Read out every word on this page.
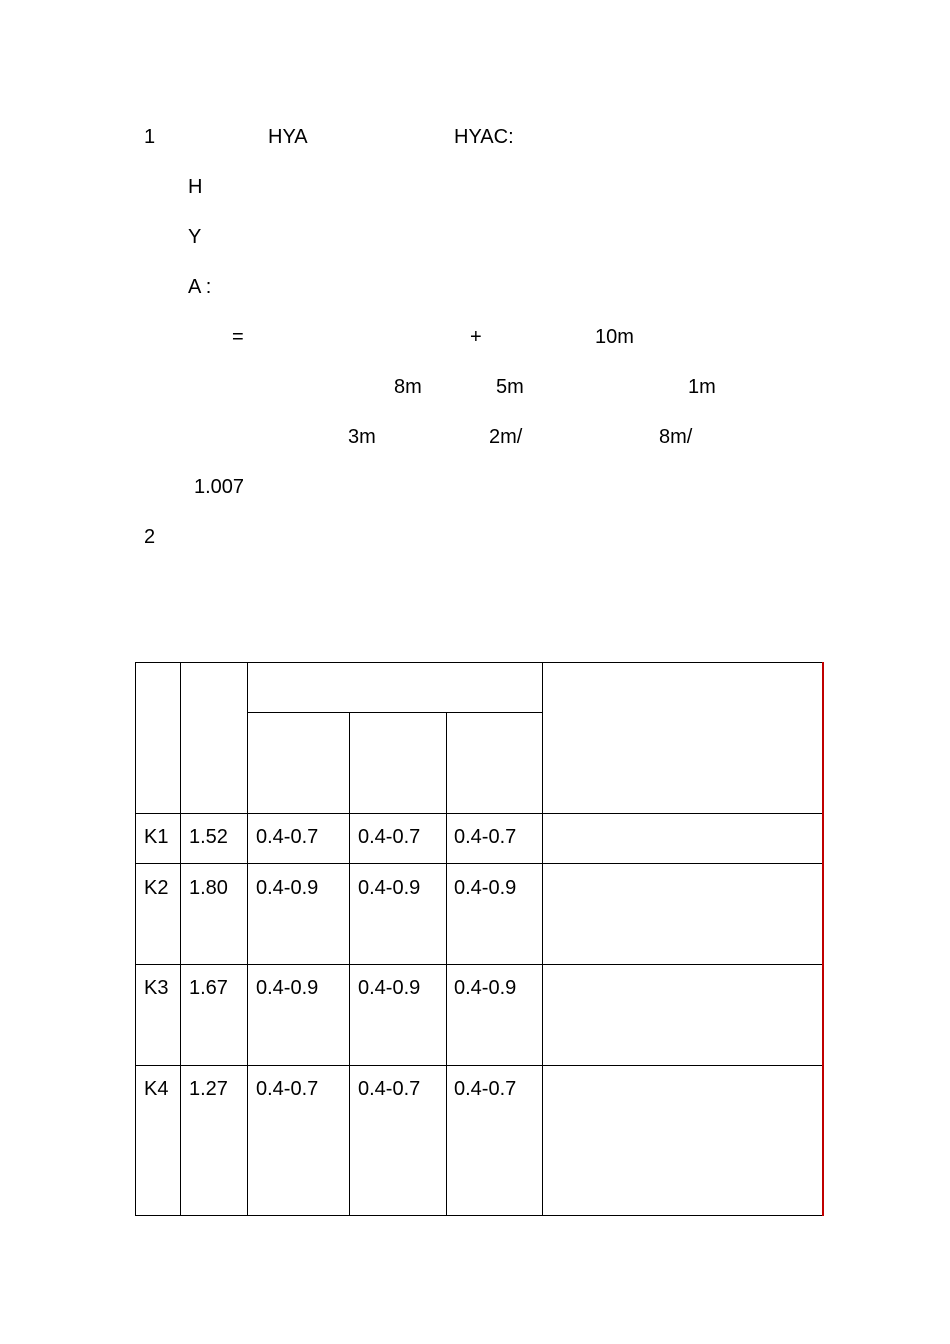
1	HYA	HYAC:
H
Y
A :
=	+	10m
8m	5m	1m
3m	2m/	8m/
1.007
2
K1 1.52 0.4-0.7 0.4-0.7 0.4-0.7
K2 1.80 0.4-0.9 0.4-0.9 0.4-0.9
K3 1.67 0.4-0.9 0.4-0.9 0.4-0.9
K4 1.27 0.4-0.7 0.4-0.7 0.4-0.7
